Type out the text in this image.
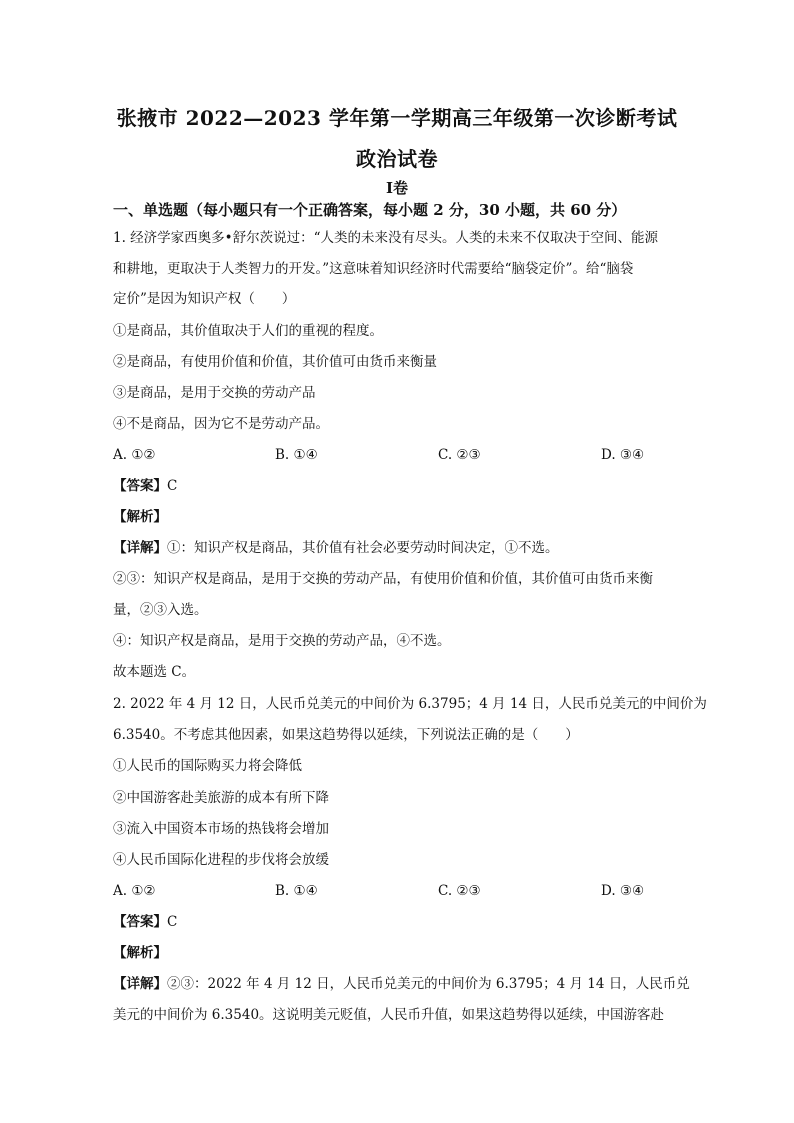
张掖市 2022—2023 学年第一学期高三年级第一次诊断考试
政治试卷
Ⅰ卷
一、单选题（每小题只有一个正确答案，每小题 2 分，30 小题，共 60 分）
1. 经济学家西奥多•舒尔茨说过：“人类的未来没有尽头。人类的未来不仅取决于空间、能源
和耕地，更取决于人类智力的开发。”这意味着知识经济时代需要给“脑袋定价”。给“脑袋
定价”是因为知识产权（　　）
①是商品，其价值取决于人们的重视的程度。
②是商品，有使用价值和价值，其价值可由货币来衡量
③是商品，是用于交换的劳动产品
④不是商品，因为它不是劳动产品。
A. ①②	B. ①④	C. ②③	D. ③④
【答案】C
【解析】
【详解】①：知识产权是商品，其价值有社会必要劳动时间决定，①不选。
②③：知识产权是商品，是用于交换的劳动产品，有使用价值和价值，其价值可由货币来衡
量，②③入选。
④：知识产权是商品，是用于交换的劳动产品，④不选。
故本题选 C。
2. 2022 年 4 月 12 日，人民币兑美元的中间价为 6.3795；4 月 14 日，人民币兑美元的中间价为
6.3540。不考虑其他因素，如果这趋势得以延续，下列说法正确的是（　　）
①人民币的国际购买力将会降低
②中国游客赴美旅游的成本有所下降
③流入中国资本市场的热钱将会增加
④人民币国际化进程的步伐将会放缓
A. ①②	B. ①④	C. ②③	D. ③④
【答案】C
【解析】
【详解】②③：2022 年 4 月 12 日，人民币兑美元的中间价为 6.3795；4 月 14 日，人民币兑
美元的中间价为 6.3540。这说明美元贬值，人民币升值，如果这趋势得以延续，中国游客赴
